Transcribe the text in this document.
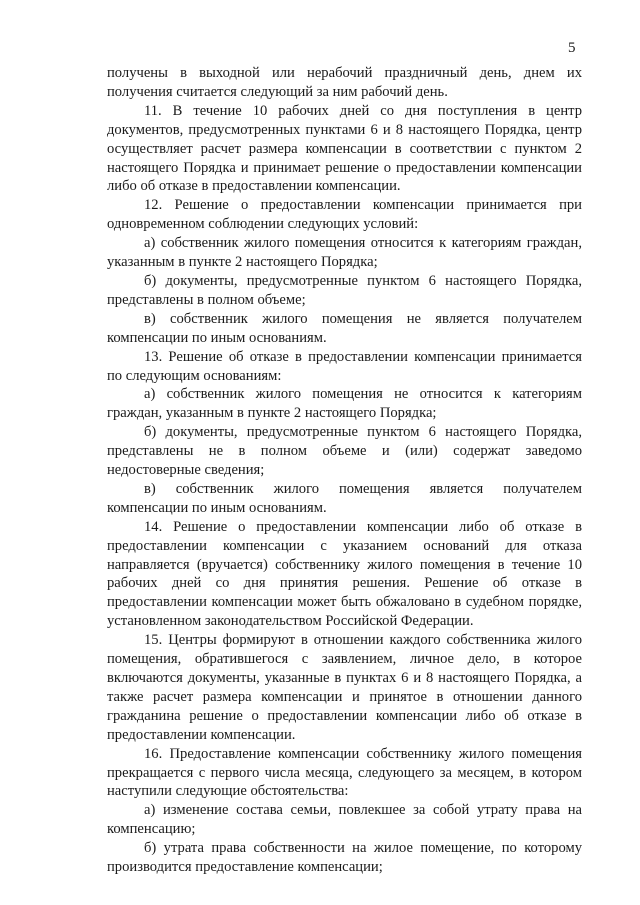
5

получены в выходной или нерабочий праздничный день, днем их получения считается следующий за ним рабочий день.

11. В течение 10 рабочих дней со дня поступления в центр документов, предусмотренных пунктами 6 и 8 настоящего Порядка, центр осуществляет расчет размера компенсации в соответствии с пунктом 2 настоящего Порядка и принимает решение о предоставлении компенсации либо об отказе в предоставлении компенсации.

12. Решение о предоставлении компенсации принимается при одновременном соблюдении следующих условий:

а) собственник жилого помещения относится к категориям граждан, указанным в пункте 2 настоящего Порядка;

б) документы, предусмотренные пунктом 6 настоящего Порядка, представлены в полном объеме;

в) собственник жилого помещения не является получателем компенсации по иным основаниям.

13. Решение об отказе в предоставлении компенсации принимается по следующим основаниям:

а) собственник жилого помещения не относится к категориям граждан, указанным в пункте 2 настоящего Порядка;

б) документы, предусмотренные пунктом 6 настоящего Порядка, представлены не в полном объеме и (или) содержат заведомо недостоверные сведения;

в) собственник жилого помещения является получателем компенсации по иным основаниям.

14. Решение о предоставлении компенсации либо об отказе в предоставлении компенсации с указанием оснований для отказа направляется (вручается) собственнику жилого помещения в течение 10 рабочих дней со дня принятия решения. Решение об отказе в предоставлении компенсации может быть обжаловано в судебном порядке, установленном законодательством Российской Федерации.

15. Центры формируют в отношении каждого собственника жилого помещения, обратившегося с заявлением, личное дело, в которое включаются документы, указанные в пунктах 6 и 8 настоящего Порядка, а также расчет размера компенсации и принятое в отношении данного гражданина решение о предоставлении компенсации либо об отказе в предоставлении компенсации.

16. Предоставление компенсации собственнику жилого помещения прекращается с первого числа месяца, следующего за месяцем, в котором наступили следующие обстоятельства:

а) изменение состава семьи, повлекшее за собой утрату права на компенсацию;

б) утрата права собственности на жилое помещение, по которому производится предоставление компенсации;
